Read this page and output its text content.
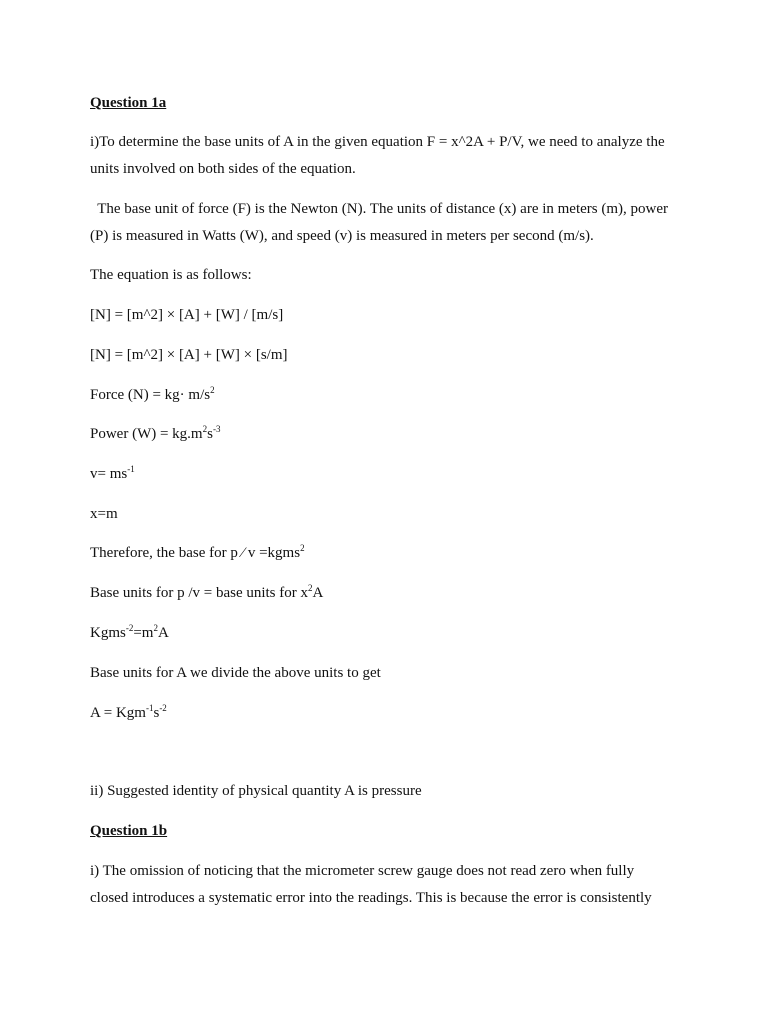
Question 1a
i)To determine the base units of A in the given equation F = x^2A + P/V, we need to analyze the
units involved on both sides of the equation.
The base unit of force (F) is the Newton (N). The units of distance (x) are in meters (m), power
(P) is measured in Watts (W), and speed (v) is measured in meters per second (m/s).
The equation is as follows:
[N] = [m^2] × [A] + [W] / [m/s]
[N] = [m^2] × [A] + [W] × [s/m]
Force $(N) = kg\cdot m/s^2$
Power $(W) = kg.m^2s^{-3}$
$v= ms^{-1}$
x=m
Therefore, the base for p ⁄ v =kgms$^2$
Base units for p /v = base units for $x^2A$
$Kgms^{-2}=m^2A$
Base units for A we divide the above units to get
$A = Kgm^{-1}s^{-2}$
ii) Suggested identity of physical quantity A is pressure
Question 1b
i) The omission of noticing that the micrometer screw gauge does not read zero when fully
closed introduces a systematic error into the readings. This is because the error is consistently
